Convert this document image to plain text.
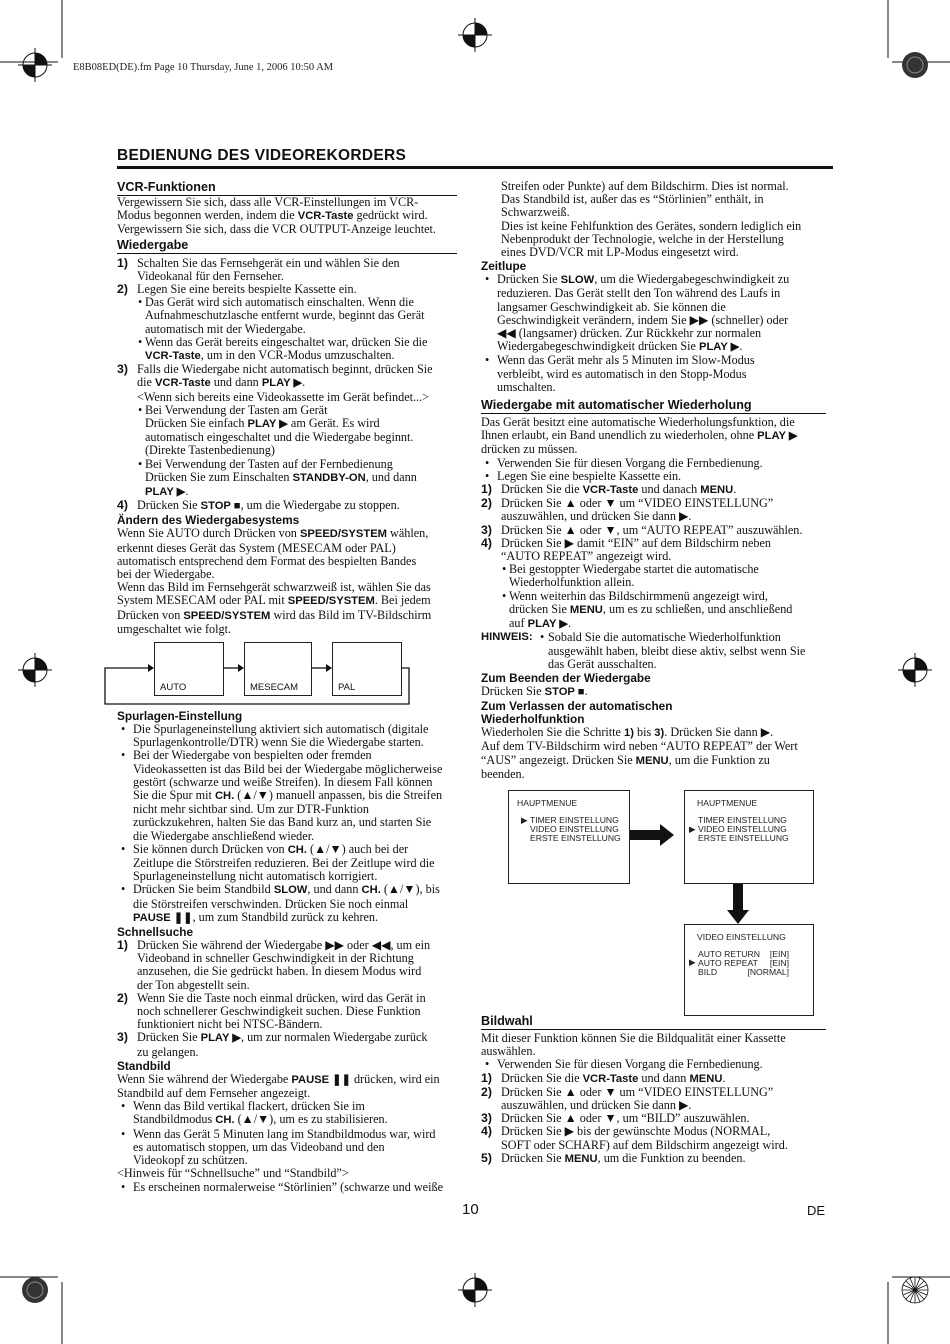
E8B08ED(DE).fm Page 10 Thursday, June 1, 2006 10:50 AM
BEDIENUNG DES VIDEOREKORDERS
VCR-Funktionen
Vergewissern Sie sich, dass alle VCR-Einstellungen im VCR-
Modus begonnen werden, indem die VCR-Taste gedrückt wird.
Vergewissern Sie sich, dass die VCR OUTPUT-Anzeige leuchtet.
Wiedergabe
1) Schalten Sie das Fernsehgerät ein und wählen Sie den
Videokanal für den Fernseher.
2) Legen Sie eine bereits bespielte Kassette ein.
• Das Gerät wird sich automatisch einschalten. Wenn die
Aufnahmeschutzlasche entfernt wurde, beginnt das Gerät
automatisch mit der Wiedergabe.
• Wenn das Gerät bereits eingeschaltet war, drücken Sie die
VCR-Taste, um in den VCR-Modus umzuschalten.
3) Falls die Wiedergabe nicht automatisch beginnt, drücken Sie
die VCR-Taste und dann PLAY ▶.
<Wenn sich bereits eine Videokassette im Gerät befindet...>
• Bei Verwendung der Tasten am Gerät
Drücken Sie einfach PLAY ▶ am Gerät. Es wird
automatisch eingeschaltet und die Wiedergabe beginnt.
(Direkte Tastenbedienung)
• Bei Verwendung der Tasten auf der Fernbedienung
Drücken Sie zum Einschalten STANDBY-ON, und dann
PLAY ▶.
4) Drücken Sie STOP ■, um die Wiedergabe zu stoppen.
Ändern des Wiedergabesystems
Wenn Sie AUTO durch Drücken von SPEED/SYSTEM wählen,
erkennt dieses Gerät das System (MESECAM oder PAL)
automatisch entsprechend dem Format des bespielten Bandes
bei der Wiedergabe.
Wenn das Bild im Fernsehgerät schwarzweiß ist, wählen Sie das
System MESECAM oder PAL mit SPEED/SYSTEM. Bei jedem
Drücken von SPEED/SYSTEM wird das Bild im TV-Bildschirm
umgeschaltet wie folgt.
AUTO	MESECAM	PAL
Spurlagen-Einstellung
• Die Spurlageneinstellung aktiviert sich automatisch (digitale
Spurlagenkontrolle/DTR) wenn Sie die Wiedergabe starten.
• Bei der Wiedergabe von bespielten oder fremden
Videokassetten ist das Bild bei der Wiedergabe möglicherweise
gestört (schwarze und weiße Streifen). In diesem Fall können
Sie die Spur mit CH. (▲/▼) manuell anpassen, bis die Streifen
nicht mehr sichtbar sind. Um zur DTR-Funktion
zurückzukehren, halten Sie das Band kurz an, und starten Sie
die Wiedergabe anschließend wieder.
• Sie können durch Drücken von CH. (▲/▼) auch bei der
Zeitlupe die Störstreifen reduzieren. Bei der Zeitlupe wird die
Spurlageneinstellung nicht automatisch korrigiert.
• Drücken Sie beim Standbild SLOW, und dann CH. (▲/▼), bis
die Störstreifen verschwinden. Drücken Sie noch einmal
PAUSE ❚❚, um zum Standbild zurück zu kehren.
Schnellsuche
1) Drücken Sie während der Wiedergabe ▶▶ oder ◀◀, um ein
Videoband in schneller Geschwindigkeit in der Richtung
anzusehen, die Sie gedrückt haben. In diesem Modus wird
der Ton abgestellt sein.
2) Wenn Sie die Taste noch einmal drücken, wird das Gerät in
noch schnellerer Geschwindigkeit suchen. Diese Funktion
funktioniert nicht bei NTSC-Bändern.
3) Drücken Sie PLAY ▶, um zur normalen Wiedergabe zurück
zu gelangen.
Standbild
Wenn Sie während der Wiedergabe PAUSE ❚❚ drücken, wird ein
Standbild auf dem Fernseher angezeigt.
• Wenn das Bild vertikal flackert, drücken Sie im
Standbildmodus CH. (▲/▼), um es zu stabilisieren.
• Wenn das Gerät 5 Minuten lang im Standbildmodus war, wird
es automatisch stoppen, um das Videoband und den
Videokopf zu schützen.
<Hinweis für “Schnellsuche” und “Standbild”>
• Es erscheinen normalerweise “Störlinien” (schwarze und weiße
Streifen oder Punkte) auf dem Bildschirm. Dies ist normal.
Das Standbild ist, außer das es “Störlinien” enthält, in
Schwarzweiß.
Dies ist keine Fehlfunktion des Gerätes, sondern lediglich ein
Nebenprodukt der Technologie, welche in der Herstellung
eines DVD/VCR mit LP-Modus eingesetzt wird.
Zeitlupe
• Drücken Sie SLOW, um die Wiedergabegeschwindigkeit zu
reduzieren. Das Gerät stellt den Ton während des Laufs in
langsamer Geschwindigkeit ab. Sie können die
Geschwindigkeit verändern, indem Sie ▶▶ (schneller) oder
◀◀ (langsamer) drücken. Zur Rückkehr zur normalen
Wiedergabegeschwindigkeit drücken Sie PLAY ▶.
• Wenn das Gerät mehr als 5 Minuten im Slow-Modus
verbleibt, wird es automatisch in den Stopp-Modus
umschalten.
Wiedergabe mit automatischer Wiederholung
Das Gerät besitzt eine automatische Wiederholungsfunktion, die
Ihnen erlaubt, ein Band unendlich zu wiederholen, ohne PLAY ▶
drücken zu müssen.
• Verwenden Sie für diesen Vorgang die Fernbedienung.
• Legen Sie eine bespielte Kassette ein.
1) Drücken Sie die VCR-Taste und danach MENU.
2) Drücken Sie ▲ oder ▼ um “VIDEO EINSTELLUNG”
auszuwählen, und drücken Sie dann ▶.
3) Drücken Sie ▲ oder ▼, um “AUTO REPEAT” auszuwählen.
4) Drücken Sie ▶ damit “EIN” auf dem Bildschirm neben
“AUTO REPEAT” angezeigt wird.
• Bei gestoppter Wiedergabe startet die automatische
Wiederholfunktion allein.
• Wenn weiterhin das Bildschirmmenü angezeigt wird,
drücken Sie MENU, um es zu schließen, und anschließend
auf PLAY ▶.
HINWEIS: • Sobald Sie die automatische Wiederholfunktion
ausgewählt haben, bleibt diese aktiv, selbst wenn Sie
das Gerät ausschalten.
Zum Beenden der Wiedergabe
Drücken Sie STOP ■.
Zum Verlassen der automatischen
Wiederholfunktion
Wiederholen Sie die Schritte 1) bis 3). Drücken Sie dann ▶.
Auf dem TV-Bildschirm wird neben “AUTO REPEAT” der Wert
“AUS” angezeigt. Drücken Sie MENU, um die Funktion zu
beenden.
HAUPTMENUE
▶ TIMER EINSTELLUNG
VIDEO EINSTELLUNG
ERSTE EINSTELLUNG
HAUPTMENUE
▶
TIMER EINSTELLUNG
VIDEO EINSTELLUNG
ERSTE EINSTELLUNG
VIDEO EINSTELLUNG
▶
AUTO RETURN
AUTO REPEAT
BILD
[EIN]
[EIN]
[NORMAL]
Bildwahl
Mit dieser Funktion können Sie die Bildqualität einer Kassette
auswählen.
• Verwenden Sie für diesen Vorgang die Fernbedienung.
1) Drücken Sie die VCR-Taste und dann MENU.
2) Drücken Sie ▲ oder ▼ um “VIDEO EINSTELLUNG”
auszuwählen, und drücken Sie dann ▶.
3) Drücken Sie ▲ oder ▼, um “BILD” auszuwählen.
4) Drücken Sie ▶ bis der gewünschte Modus (NORMAL,
SOFT oder SCHARF) auf dem Bildschirm angezeigt wird.
5) Drücken Sie MENU, um die Funktion zu beenden.
10	DE
